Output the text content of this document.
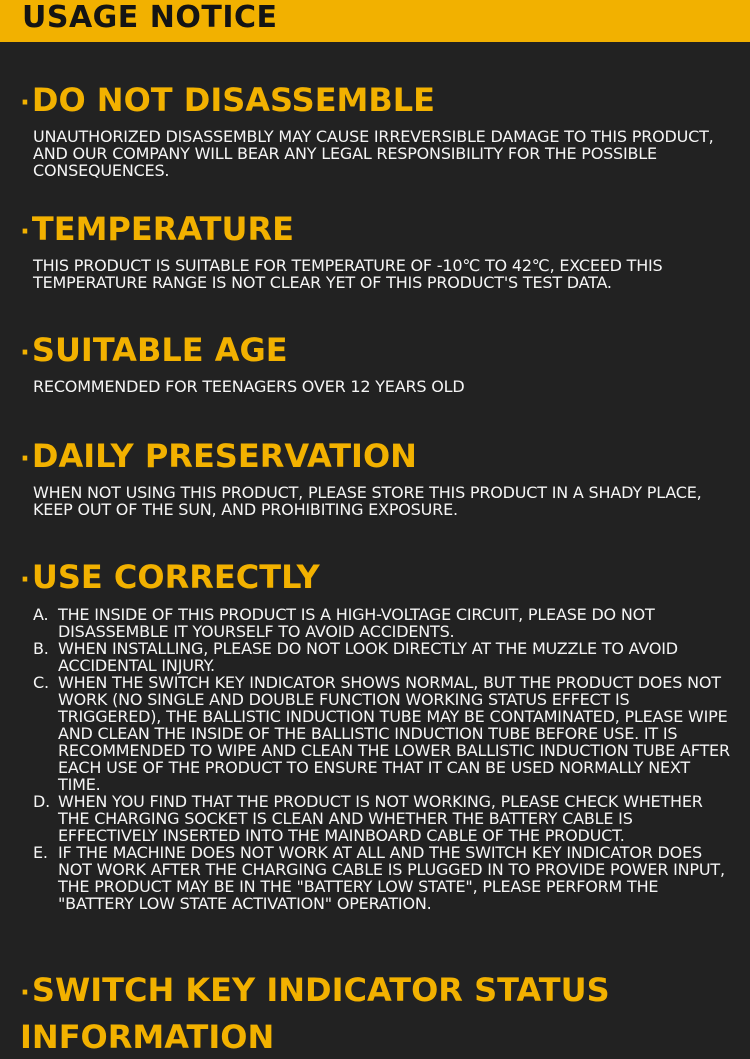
USAGE NOTICE
·DO NOT DISASSEMBLE

UNAUTHORIZED DISASSEMBLY MAY CAUSE IRREVERSIBLE DAMAGE TO THIS PRODUCT, AND OUR COMPANY WILL BEAR ANY LEGAL RESPONSIBILITY FOR THE POSSIBLE CONSEQUENCES.

·TEMPERATURE

THIS PRODUCT IS SUITABLE FOR TEMPERATURE OF -10℃ TO 42℃, EXCEED THIS TEMPERATURE RANGE IS NOT CLEAR YET OF THIS PRODUCT'S TEST DATA.

·SUITABLE AGE

RECOMMENDED FOR TEENAGERS OVER 12 YEARS OLD

·DAILY PRESERVATION

WHEN NOT USING THIS PRODUCT, PLEASE STORE THIS PRODUCT IN A SHADY PLACE, KEEP OUT OF THE SUN, AND PROHIBITING EXPOSURE.

·USE CORRECTLY
A. THE INSIDE OF THIS PRODUCT IS A HIGH-VOLTAGE CIRCUIT, PLEASE DO NOT DISASSEMBLE IT YOURSELF TO AVOID ACCIDENTS.
B. WHEN INSTALLING, PLEASE DO NOT LOOK DIRECTLY AT THE MUZZLE TO AVOID ACCIDENTAL INJURY.
C. WHEN THE SWITCH KEY INDICATOR SHOWS NORMAL, BUT THE PRODUCT DOES NOT WORK (NO SINGLE AND DOUBLE FUNCTION WORKING STATUS EFFECT IS TRIGGERED), THE BALLISTIC INDUCTION TUBE MAY BE CONTAMINATED, PLEASE WIPE AND CLEAN THE INSIDE OF THE BALLISTIC INDUCTION TUBE BEFORE USE. IT IS RECOMMENDED TO WIPE AND CLEAN THE LOWER BALLISTIC INDUCTION TUBE AFTER EACH USE OF THE PRODUCT TO ENSURE THAT IT CAN BE USED NORMALLY NEXT TIME.
D. WHEN YOU FIND THAT THE PRODUCT IS NOT WORKING, PLEASE CHECK WHETHER THE CHARGING SOCKET IS CLEAN AND WHETHER THE BATTERY CABLE IS EFFECTIVELY INSERTED INTO THE MAINBOARD CABLE OF THE PRODUCT.
E. IF THE MACHINE DOES NOT WORK AT ALL AND THE SWITCH KEY INDICATOR DOES NOT WORK AFTER THE CHARGING CABLE IS PLUGGED IN TO PROVIDE POWER INPUT, THE PRODUCT MAY BE IN THE "BATTERY LOW STATE", PLEASE PERFORM THE "BATTERY LOW STATE ACTIVATION" OPERATION.
·SWITCH KEY INDICATOR STATUS INFORMATION
